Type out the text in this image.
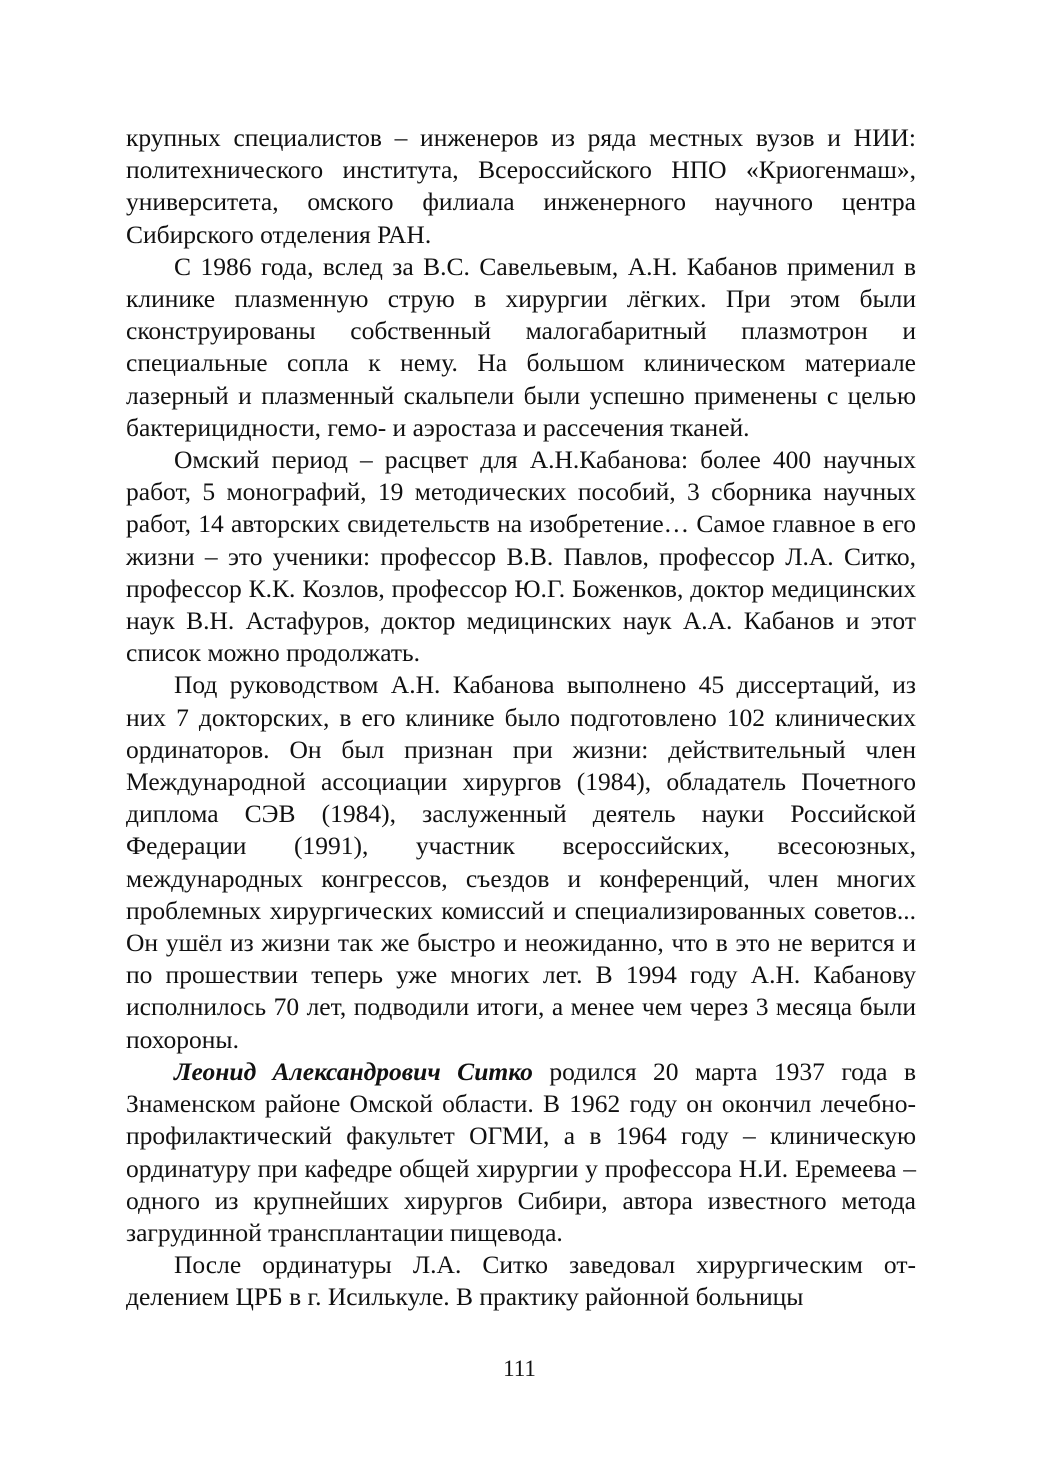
крупных специалистов – инженеров из ряда местных вузов и НИИ: политехнического института, Всероссийского НПО «Криогенмаш», университета, омского филиала инженерного научного центра Сибирского отделения РАН.

С 1986 года, вслед за В.С. Савельевым, А.Н. Кабанов применил в клинике плазменную струю в хирургии лёгких. При этом были сконструированы собственный малогабаритный плазмотрон и специальные сопла к нему. На большом клиническом материале лазерный и плазменный скальпели были успешно применены с целью бактерицидности, гемо- и аэростаза и рассечения тканей.

Омский период – расцвет для А.Н.Кабанова: более 400 научных работ, 5 монографий, 19 методических пособий, 3 сборника научных работ, 14 авторских свидетельств на изобретение… Самое главное в его жизни – это ученики: профессор В.В. Павлов, профессор Л.А. Ситко, профессор К.К. Козлов, профессор Ю.Г. Боженков, доктор медицинских наук В.Н. Астафуров, доктор медицинских наук А.А. Кабанов и этот список можно продолжать.

Под руководством А.Н. Кабанова выполнено 45 диссертаций, из них 7 докторских, в его клинике было подготовлено 102 клинических ординаторов. Он был признан при жизни: действительный член Международной ассоциации хирургов (1984), обладатель Почетного диплома СЭВ (1984), заслуженный деятель науки Российской Федерации (1991), участник всероссийских, всесоюзных, международных конгрессов, съездов и конференций, член многих проблемных хирургических комиссий и специализированных советов... Он ушёл из жизни так же быстро и неожиданно, что в это не верится и по прошествии теперь уже многих лет. В 1994 году А.Н. Кабанову исполнилось 70 лет, подводили итоги, а менее чем через 3 месяца были похороны.

Леонид Александрович Ситко родился 20 марта 1937 года в Знаменском районе Омской области. В 1962 году он окончил лечебно-профилактический факультет ОГМИ, а в 1964 году – клиническую ординатуру при кафедре общей хирургии у профессора Н.И. Еремеева – одного из крупнейших хирургов Сибири, автора известного метода загрудинной трансплантации пищевода.

После ординатуры Л.А. Ситко заведовал хирургическим отделением ЦРБ в г. Исилькуле. В практику районной больницы

111
